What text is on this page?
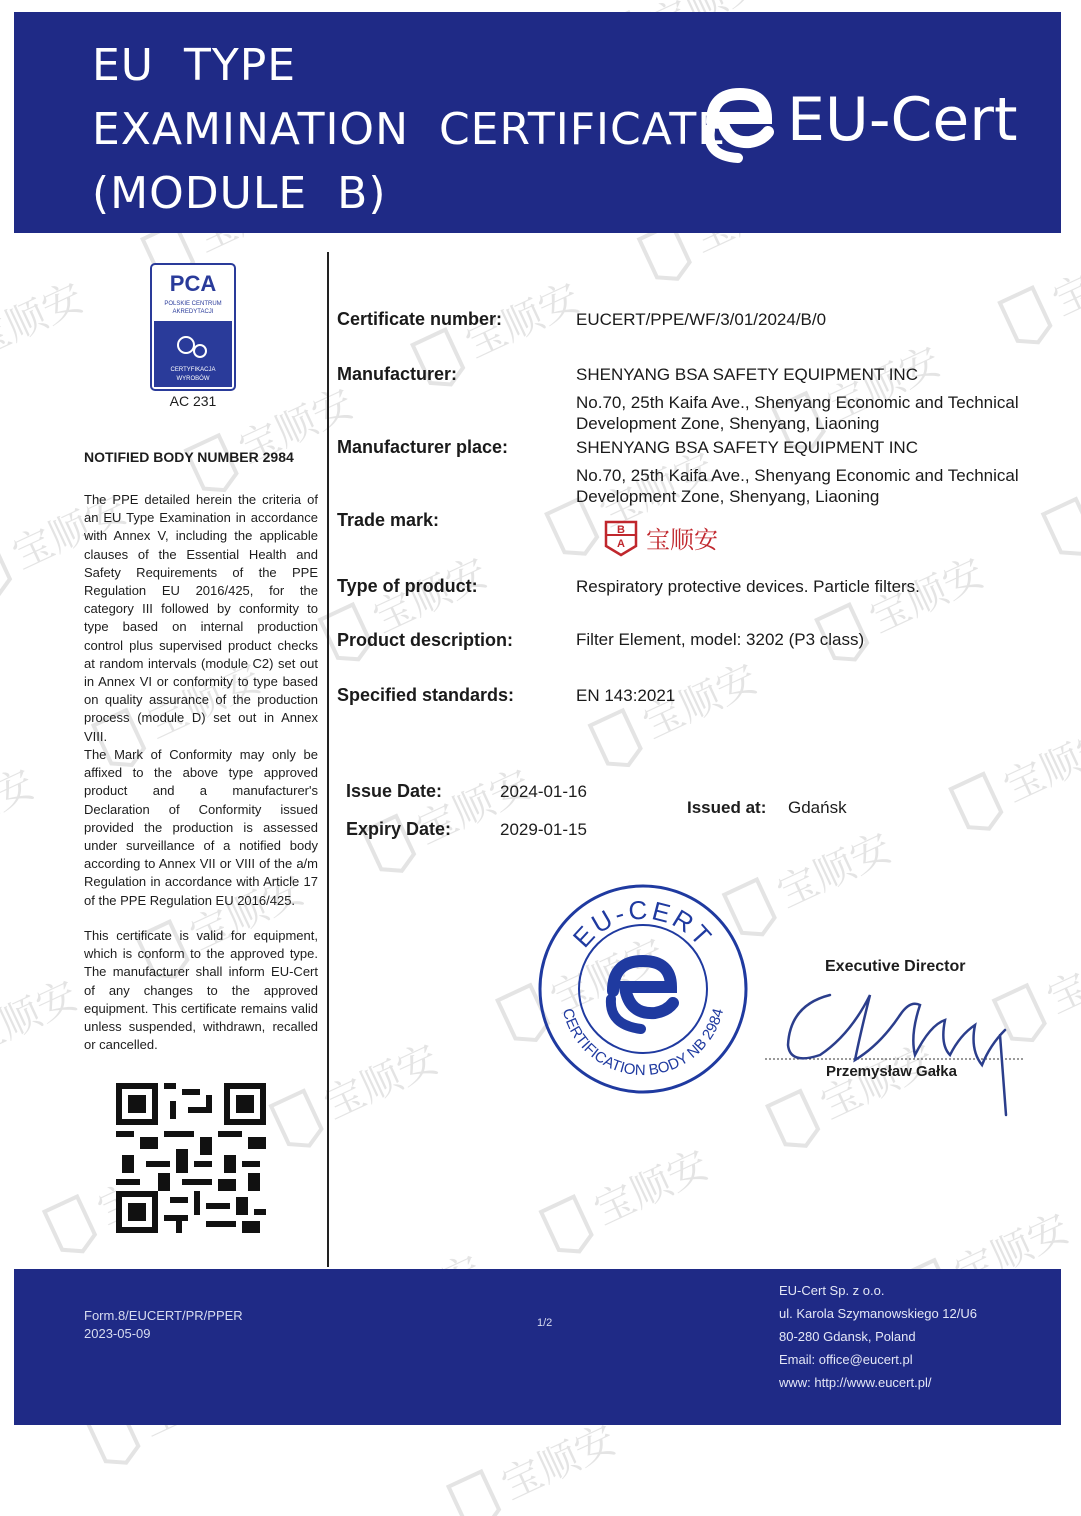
EU  TYPE
EXAMINATION  CERTIFICATE
(MODULE  B)
EU-Cert
PCA
POLSKIE CENTRUM
AKREDYTACJI
CERTYFIKACJA
WYROBÓW
AC 231
NOTIFIED BODY NUMBER 2984
The PPE detailed herein the criteria of an EU Type Examination in accordance with Annex V, including the applicable clauses of the Essential Health and Safety Requirements of the PPE Regulation EU 2016/425, for the category III followed by conformity to type based on internal production control plus supervised product checks at random intervals (module C2) set out in Annex VI or conformity to type based on quality assurance of the production process (module D) set out in Annex VIII.
The Mark of Conformity may only be affixed to the above type approved product and a manufacturer's Declaration of Conformity issued provided the production is assessed under surveillance of a notified body according to Annex VII or VIII of the a/m Regulation in accordance with Article 17 of the PPE Regulation EU 2016/425.
This certificate is valid for equipment, which is conform to the approved type. The manufacturer shall inform EU-Cert of any changes to the approved equipment. This certificate remains valid unless suspended, withdrawn, recalled or cancelled.
Certificate number:	EUCERT/PPE/WF/3/01/2024/B/0
Manufacturer:	SHENYANG BSA SAFETY EQUIPMENT INC
No.70, 25th Kaifa Ave., Shenyang Economic and Technical
Development Zone, Shenyang, Liaoning
Manufacturer place:	SHENYANG BSA SAFETY EQUIPMENT INC
No.70, 25th Kaifa Ave., Shenyang Economic and Technical
Development Zone, Shenyang, Liaoning
Trade mark:	B
A 宝顺安
Type of product:	Respiratory protective devices. Particle filters.
Product description:	Filter Element, model: 3202 (P3 class)
Specified standards:	EN 143:2021
Issue Date:	2024-01-16
Expiry Date:	2029-01-15
Issued at: Gdańsk
EU-CERT
CERTIFICATION BODY NB 2984
Executive Director
Przemysław Gałka
Form.8/EUCERT/PR/PPER
2023-05-09
1/2
EU-Cert Sp. z o.o.
ul. Karola Szymanowskiego 12/U6
80-280 Gdansk, Poland
Email: office@eucert.pl
www: http://www.eucert.pl/
